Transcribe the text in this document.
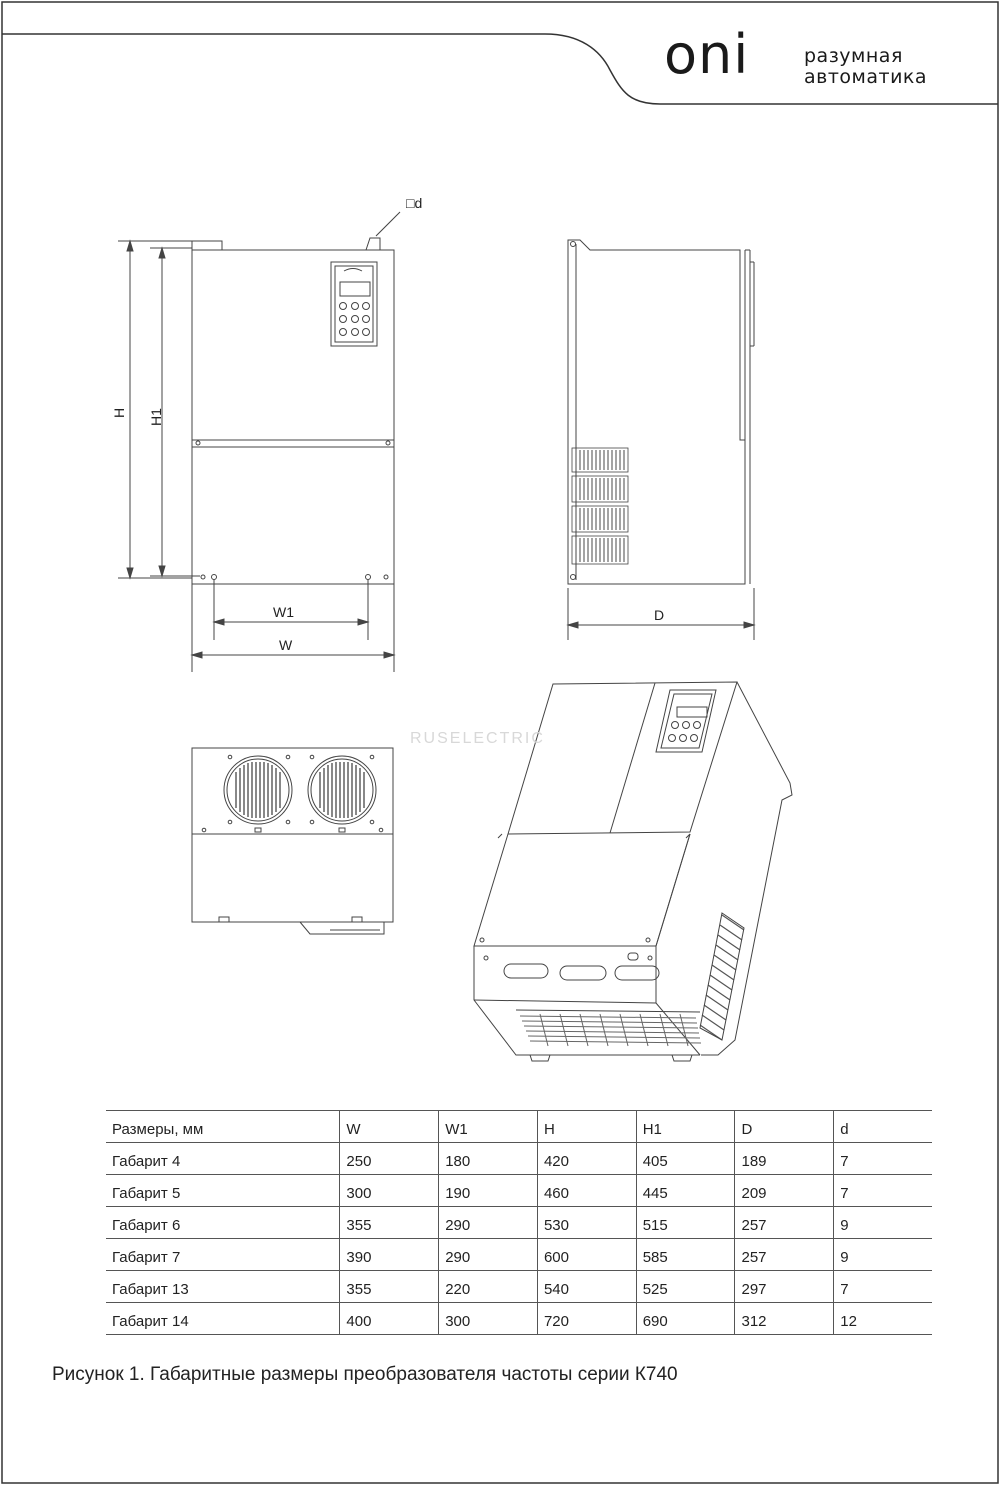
oni	разумная
автоматика
RUSELECTRIC
□d
H H1
W1
W
D
Размеры, мм	W	W1	H	H1	D	d
Габарит 4	250	180	420	405	189	7
Габарит 5	300	190	460	445	209	7
Габарит 6	355	290	530	515	257	9
Габарит 7	390	290	600	585	257	9
Габарит 13	355	220	540	525	297	7
Габарит 14	400	300	720	690	312	12
Рисунок 1. Габаритные размеры преобразователя частоты серии К740
